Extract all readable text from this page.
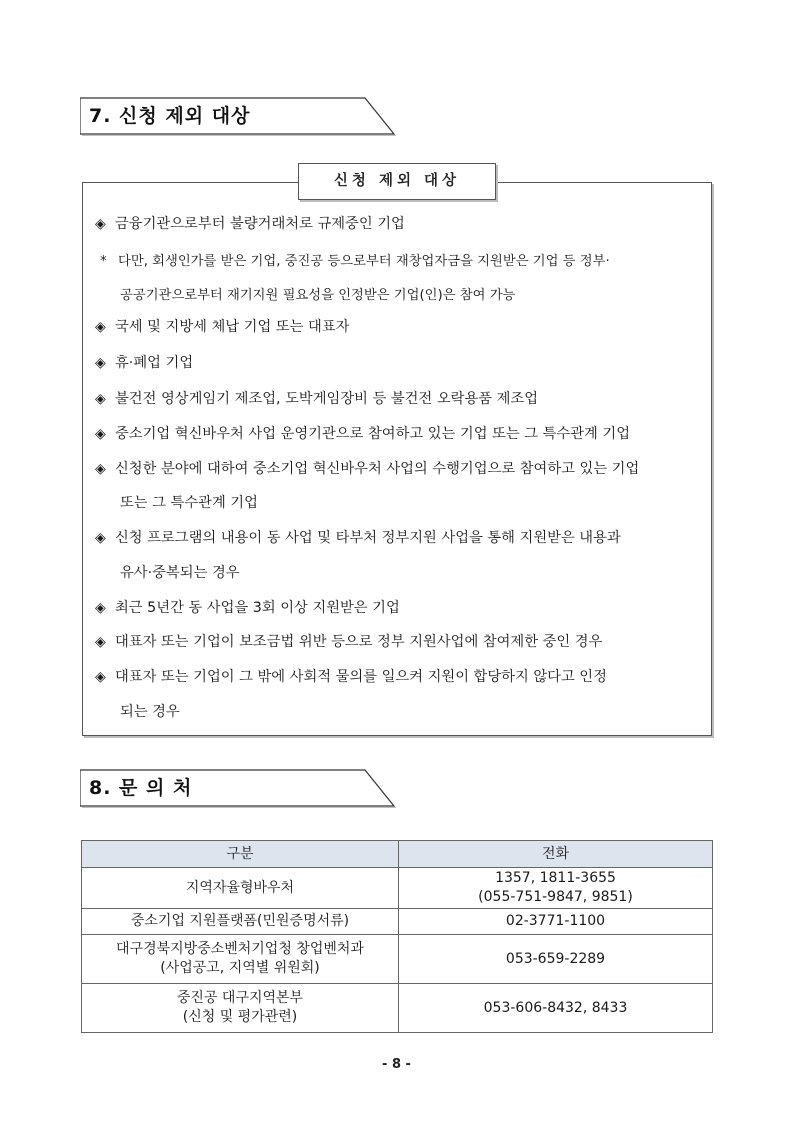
7. 신청 제외 대상
신청 제외 대상
◈ 금융기관으로부터 불량거래처로 규제중인 기업
* 다만, 회생인가를 받은 기업, 중진공 등으로부터 재창업자금을 지원받은 기업 등 정부·
공공기관으로부터 재기지원 필요성을 인정받은 기업(인)은 참여 가능
◈ 국세 및 지방세 체납 기업 또는 대표자
◈ 휴·폐업 기업
◈ 불건전 영상게임기 제조업, 도박게임장비 등 불건전 오락용품 제조업
◈ 중소기업 혁신바우처 사업 운영기관으로 참여하고 있는 기업 또는 그 특수관계 기업
◈ 신청한 분야에 대하여 중소기업 혁신바우처 사업의 수행기업으로 참여하고 있는 기업
또는 그 특수관계 기업
◈ 신청 프로그램의 내용이 동 사업 및 타부처 정부지원 사업을 통해 지원받은 내용과
유사·중복되는 경우
◈ 최근 5년간 동 사업을 3회 이상 지원받은 기업
◈ 대표자 또는 기업이 보조금법 위반 등으로 정부 지원사업에 참여제한 중인 경우
◈ 대표자 또는 기업이 그 밖에 사회적 물의를 일으켜 지원이 합당하지 않다고 인정
되는 경우
8. 문 의 처
구분	전화
지역자율형바우처	1357, 1811-3655
(055-751-9847, 9851)

중소기업 지원플랫폼(민원증명서류)	02-3771-1100

대구경북지방중소벤처기업청 창업벤처과
(사업공고, 지역별 위원회)	053-659-2289

중진공 대구지역본부
(신청 및 평가관련)	053-606-8432, 8433
- 8 -
